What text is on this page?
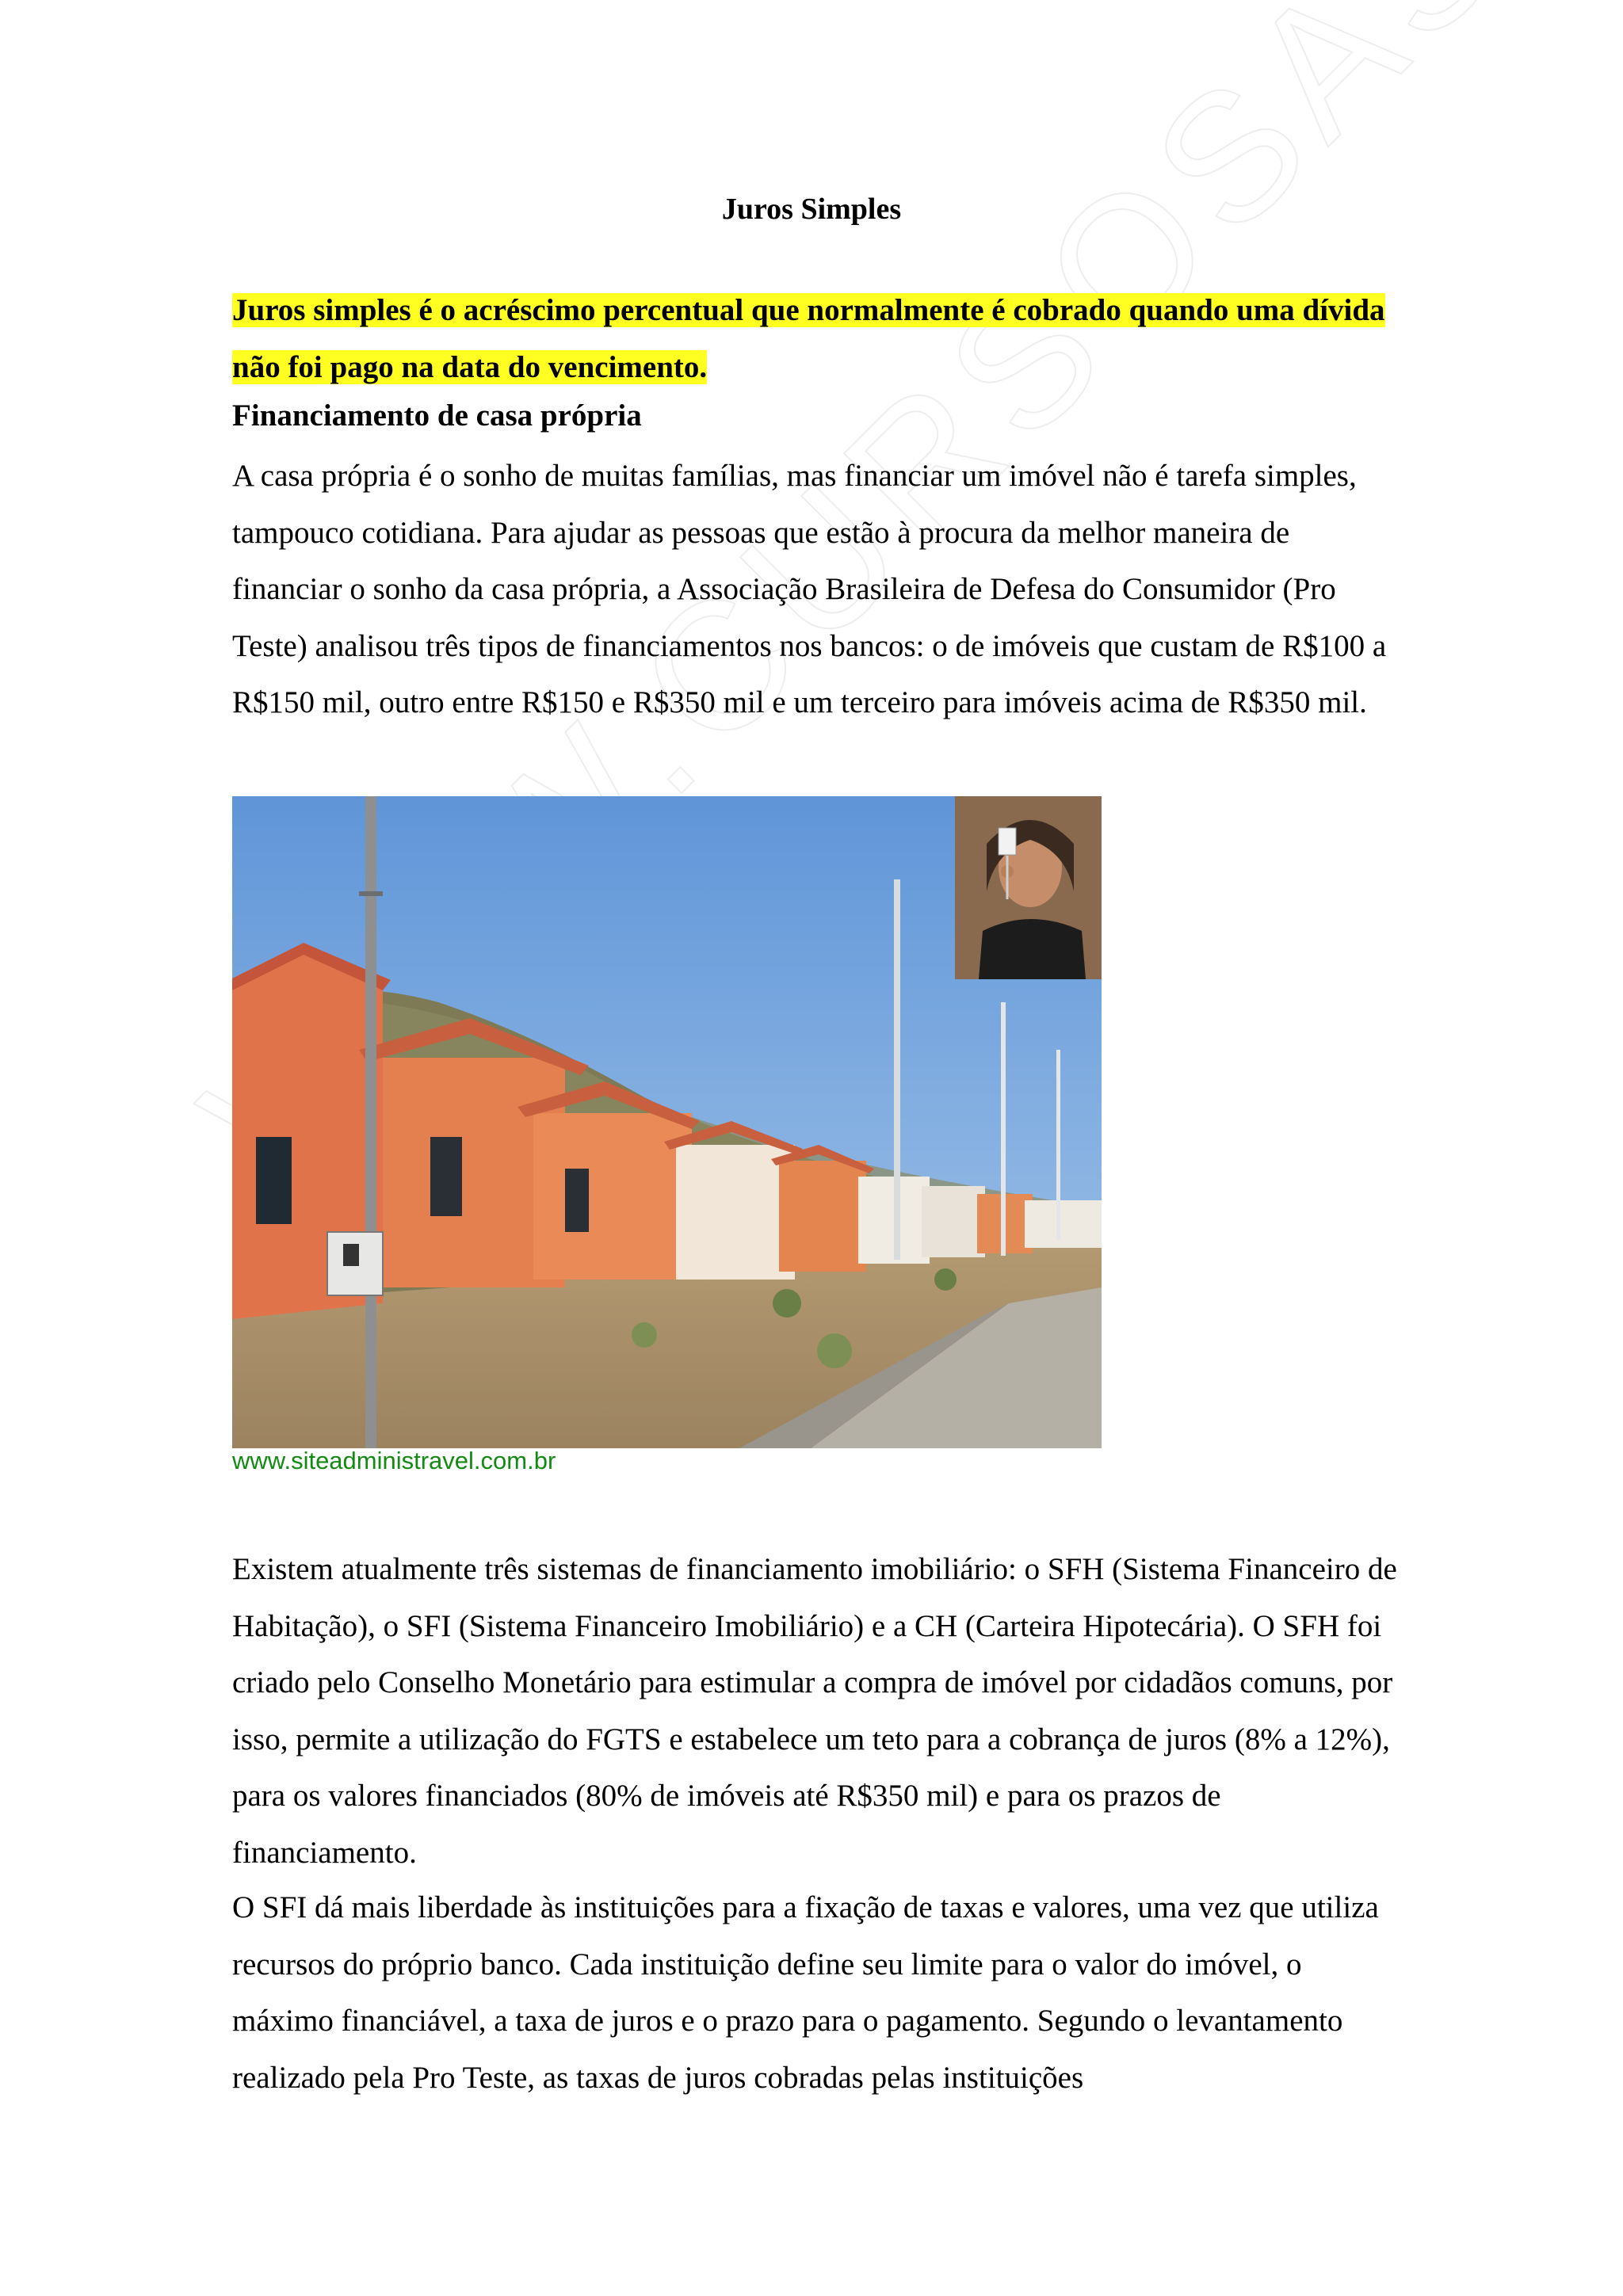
Juros Simples
Juros simples é o acréscimo percentual que normalmente é cobrado quando uma dívida não foi pago na data do vencimento.
Financiamento de casa própria
A casa própria é o sonho de muitas famílias, mas financiar um imóvel não é tarefa simples, tampouco cotidiana. Para ajudar as pessoas que estão à procura da melhor maneira de financiar o sonho da casa própria, a Associação Brasileira de Defesa do Consumidor (Pro Teste) analisou três tipos de financiamentos nos bancos: o de imóveis que custam de R$100 a R$150 mil, outro entre R$150 e R$350 mil e um terceiro para imóveis acima de R$350 mil.
www.siteadministravel.com.br
Existem atualmente três sistemas de financiamento imobiliário: o SFH (Sistema Financeiro de Habitação), o SFI (Sistema Financeiro Imobiliário) e a CH (Carteira Hipotecária). O SFH foi criado pelo Conselho Monetário para estimular a compra de imóvel por cidadãos comuns, por isso, permite a utilização do FGTS e estabelece um teto para a cobrança de juros (8% a 12%), para os valores financiados (80% de imóveis até R$350 mil) e para os prazos de financiamento.
O SFI dá mais liberdade às instituições para a fixação de taxas e valores, uma vez que utiliza recursos do próprio banco. Cada instituição define seu limite para o valor do imóvel, o máximo financiável, a taxa de juros e o prazo para o pagamento. Segundo o levantamento realizado pela Pro Teste, as taxas de juros cobradas pelas instituições
